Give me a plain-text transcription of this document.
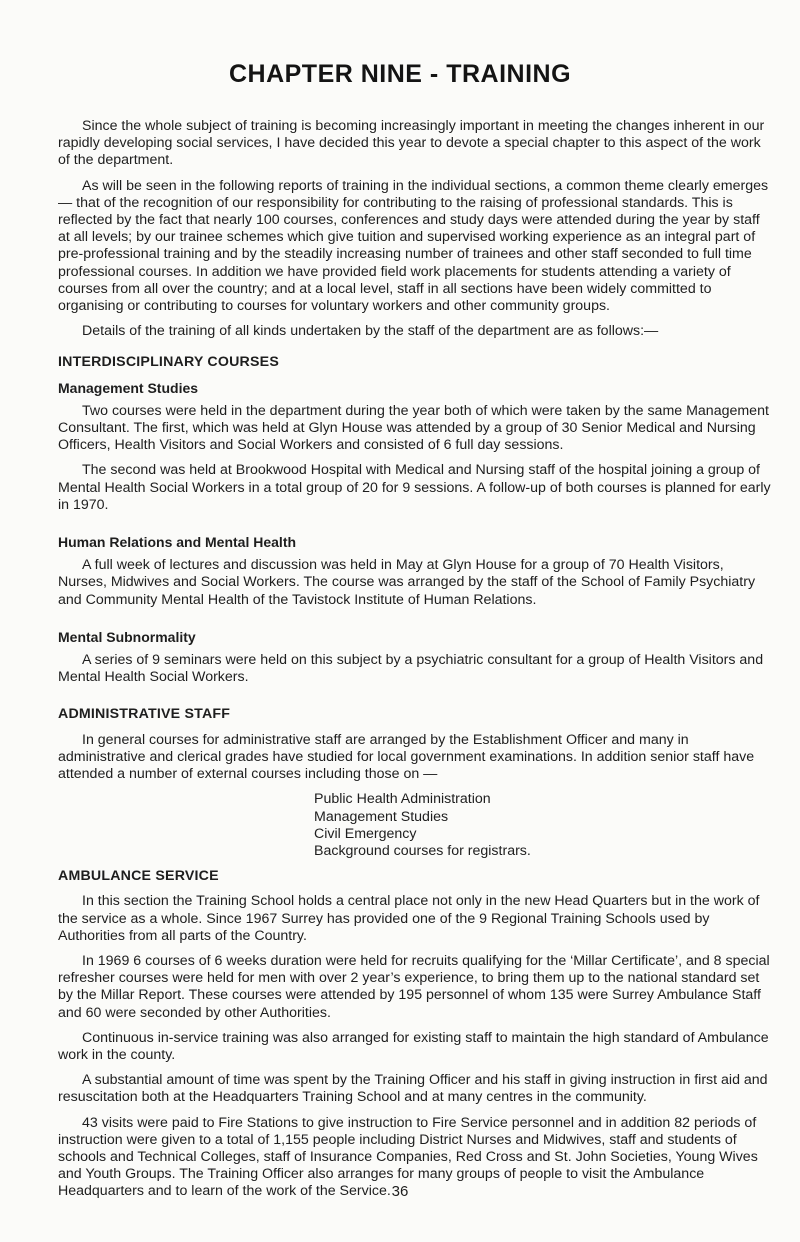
CHAPTER NINE - TRAINING

Since the whole subject of training is becoming increasingly important in meeting the changes inherent in our rapidly developing social services, I have decided this year to devote a special chapter to this aspect of the work of the department.

As will be seen in the following reports of training in the individual sections, a common theme clearly emerges — that of the recognition of our responsibility for contributing to the raising of professional standards. This is reflected by the fact that nearly 100 courses, conferences and study days were attended during the year by staff at all levels; by our trainee schemes which give tuition and supervised working experience as an integral part of pre-professional training and by the steadily increasing number of trainees and other staff seconded to full time professional courses. In addition we have provided field work placements for students attending a variety of courses from all over the country; and at a local level, staff in all sections have been widely committed to organising or contributing to courses for voluntary workers and other community groups.

Details of the training of all kinds undertaken by the staff of the department are as follows:—

INTERDISCIPLINARY COURSES
Management Studies

Two courses were held in the department during the year both of which were taken by the same Management Consultant. The first, which was held at Glyn House was attended by a group of 30 Senior Medical and Nursing Officers, Health Visitors and Social Workers and consisted of 6 full day sessions.

The second was held at Brookwood Hospital with Medical and Nursing staff of the hospital joining a group of Mental Health Social Workers in a total group of 20 for 9 sessions. A follow-up of both courses is planned for early in 1970.

Human Relations and Mental Health

A full week of lectures and discussion was held in May at Glyn House for a group of 70 Health Visitors, Nurses, Midwives and Social Workers. The course was arranged by the staff of the School of Family Psychiatry and Community Mental Health of the Tavistock Institute of Human Relations.

Mental Subnormality

A series of 9 seminars were held on this subject by a psychiatric consultant for a group of Health Visitors and Mental Health Social Workers.

ADMINISTRATIVE STAFF

In general courses for administrative staff are arranged by the Establishment Officer and many in administrative and clerical grades have studied for local government examinations. In addition senior staff have attended a number of external courses including those on —

Public Health Administration
Management Studies
Civil Emergency
Background courses for registrars.
AMBULANCE SERVICE

In this section the Training School holds a central place not only in the new Head Quarters but in the work of the service as a whole. Since 1967 Surrey has provided one of the 9 Regional Training Schools used by Authorities from all parts of the Country.

In 1969 6 courses of 6 weeks duration were held for recruits qualifying for the ‘Millar Certificate’, and 8 special refresher courses were held for men with over 2 year’s experience, to bring them up to the national standard set by the Millar Report. These courses were attended by 195 personnel of whom 135 were Surrey Ambulance Staff and 60 were seconded by other Authorities.

Continuous in-service training was also arranged for existing staff to maintain the high standard of Ambulance work in the county.

A substantial amount of time was spent by the Training Officer and his staff in giving instruction in first aid and resuscitation both at the Headquarters Training School and at many centres in the community.

43 visits were paid to Fire Stations to give instruction to Fire Service personnel and in addition 82 periods of instruction were given to a total of 1,155 people including District Nurses and Midwives, staff and students of schools and Technical Colleges, staff of Insurance Companies, Red Cross and St. John Societies, Young Wives and Youth Groups. The Training Officer also arranges for many groups of people to visit the Ambulance Headquarters and to learn of the work of the Service. 36
